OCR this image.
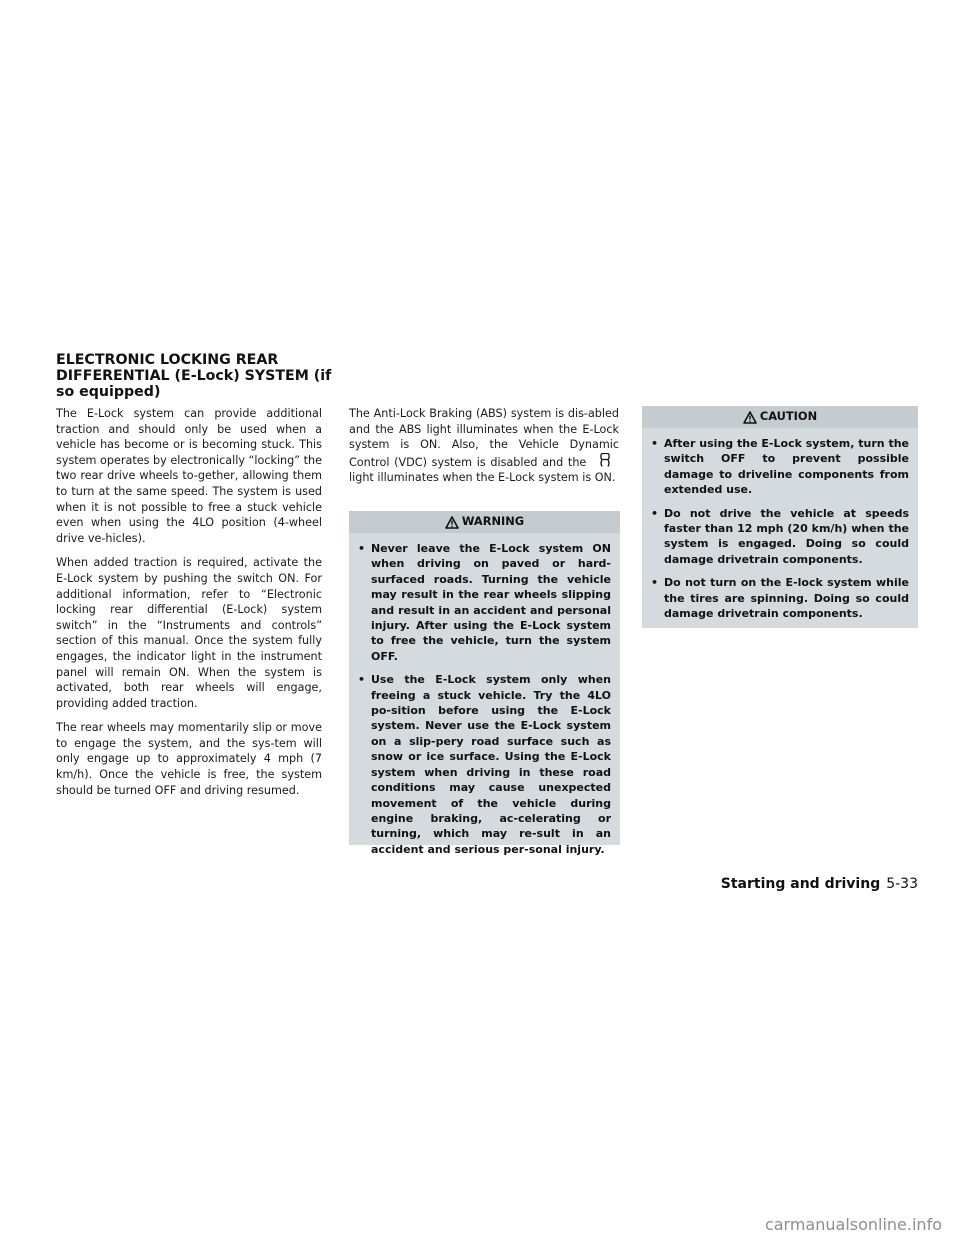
ELECTRONIC LOCKING REAR
DIFFERENTIAL (E-Lock) SYSTEM (if
so equipped)

The E-Lock system can provide additional traction and should only be used when a vehicle has become or is becoming stuck. This system operates by electronically “locking” the two rear drive wheels to-gether, allowing them to turn at the same speed. The system is used when it is not possible to free a stuck vehicle even when using the 4LO position (4-wheel drive ve-hicles).

When added traction is required, activate the E-Lock system by pushing the switch ON. For additional information, refer to “Electronic locking rear differential (E-Lock) system switch” in the “Instruments and controls” section of this manual. Once the system fully engages, the indicator light in the instrument panel will remain ON. When the system is activated, both rear wheels will engage, providing added traction.

The rear wheels may momentarily slip or move to engage the system, and the sys-tem will only engage up to approximately 4 mph (7 km/h). Once the vehicle is free, the system should be turned OFF and driving resumed.

The Anti-Lock Braking (ABS) system is dis-abled and the ABS light illuminates when the E-Lock system is ON. Also, the Vehicle Dynamic Control (VDC) system is disabled and the  light illuminates when the E-Lock system is ON.

WARNING
• Never leave the E-Lock system ON when driving on paved or hard-surfaced roads. Turning the vehicle may result in the rear wheels slipping and result in an accident and personal injury. After using the E-Lock system to free the vehicle, turn the system OFF.
• Use the E-Lock system only when freeing a stuck vehicle. Try the 4LO po-sition before using the E-Lock system. Never use the E-Lock system on a slip-pery road surface such as snow or ice surface. Using the E-Lock system when driving in these road conditions may cause unexpected movement of the vehicle during engine braking, ac-celerating or turning, which may re-sult in an accident and serious per-sonal injury.
CAUTION
• After using the E-Lock system, turn the switch OFF to prevent possible damage to driveline components from extended use.
• Do not drive the vehicle at speeds faster than 12 mph (20 km/h) when the system is engaged. Doing so could damage drivetrain components.
• Do not turn on the E-lock system while the tires are spinning. Doing so could damage drivetrain components.
Starting and driving 5-33
carmanualsonline.info
